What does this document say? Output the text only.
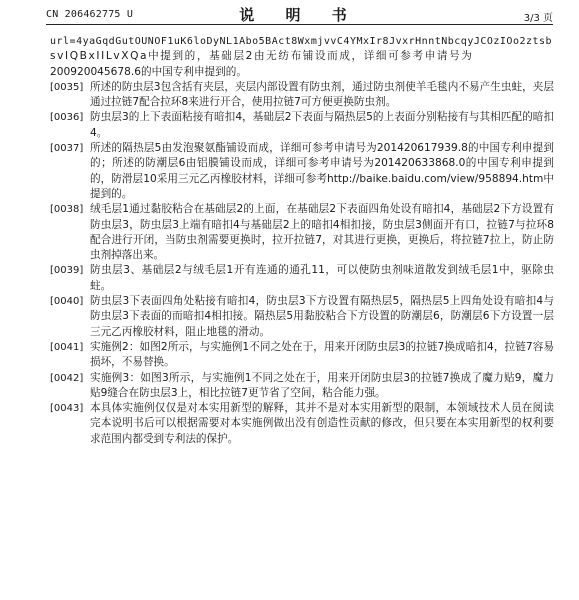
CN 206462775 U	说 明 书	3/3 页
url=4yaGqdGutOUNOF1uK6loDyNL1Abo5BAct8WxmjvvC4YMxIr8JvxrHnntNbcqyJCOzIOo2ztsb
svIQBxIILvXQa中提到的，基础层2由无纺布铺设而成，详细可参考申请号为
200920045678.6的中国专利申提到的。
[0035] 所述的防虫层3包含括有夹层，夹层内部设置有防虫剂，通过防虫剂使羊毛毯内不易产生虫蛀，夹层通过拉链7配合拉环8来进行开合，使用拉链7可方便更换防虫剂。
[0036] 防虫层3的上下表面粘接有暗扣4，基础层2下表面与隔热层5的上表面分别粘接有与其相匹配的暗扣4。
[0037] 所述的隔热层5由发泡聚氨酯铺设而成，详细可参考申请号为201420617939.8的中国专利申提到的；所述的防潮层6由铝膜铺设而成，详细可参考申请号为201420633868.0的中国专利申提到的，防滑层10采用三元乙丙橡胶材料，详细可参考http://baike.baidu.com/view/958894.htm中提到的。
[0038] 绒毛层1通过黏胶粘合在基础层2的上面，在基础层2下表面四角处设有暗扣4，基础层2下方设置有防虫层3，防虫层3上端有暗扣4与基础层2上的暗扣4相扣接，防虫层3侧面开有口，拉链7与拉环8配合进行开闭，当防虫剂需要更换时，拉开拉链7，对其进行更换，更换后，将拉链7拉上，防止防虫剂掉落出来。
[0039] 防虫层3、基础层2与绒毛层1开有连通的通孔11，可以使防虫剂味道散发到绒毛层1中，驱除虫蛀。
[0040] 防虫层3下表面四角处粘接有暗扣4，防虫层3下方设置有隔热层5，隔热层5上四角处设有暗扣4与防虫层3下表面的而暗扣4相扣接。隔热层5用黏胶粘合下方设置的防潮层6，防潮层6下方设置一层三元乙丙橡胶材料，阻止地毯的滑动。
[0041] 实施例2：如图2所示，与实施例1不同之处在于，用来开闭防虫层3的拉链7换成暗扣4，拉链7容易损坏，不易替换。
[0042] 实施例3：如图3所示，与实施例1不同之处在于，用来开闭防虫层3的拉链7换成了魔力贴9，魔力贴9缝合在防虫层3上，相比拉链7更节省了空间，粘合能力强。
[0043] 本具体实施例仅仅是对本实用新型的解释，其并不是对本实用新型的限制，本领域技术人员在阅读完本说明书后可以根据需要对本实施例做出没有创造性贡献的修改，但只要在本实用新型的权利要求范围内都受到专利法的保护。
